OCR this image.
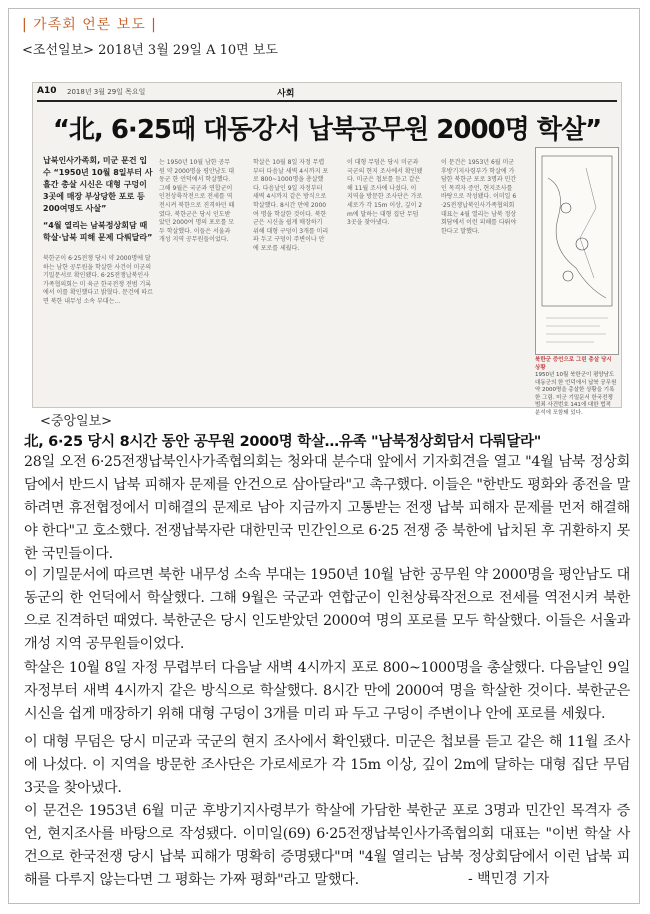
| 가족회 언론 보도 |
<조선일보> 2018년 3월 29일 A 10면 보도
A10 2018년 3월 29일 목요일	사회
“北, 6·25때 대동강서 납북공무원 2000명 학살”

납북인사가족회, 미군 문건 입수 “1950년 10월 8일부터 사흘간 총살 시신은 대형 구덩이 3곳에 매장 부상당한 포로 등 200여명도 사살”

“4월 열리는 남북정상회담 때 학살·납북 피해 문제 다뤄달라”

북한군이 6·25전쟁 당시 약 2000명에 달하는 남한 공무원을 학살한 사건이 미군의 기밀문서로 확인됐다. 6·25전쟁납북인사가족협의회는 미 육군 한국전쟁 전범 기록에서 이를 확인했다고 밝혔다. 문건에 따르면 북한 내무성 소속 부대는...

는 1950년 10월 남한 공무원 약 2000명을 평안남도 대동군 한 언덕에서 학살했다. 그해 9월은 국군과 연합군이 인천상륙작전으로 전세를 역전시켜 북한으로 진격하던 때였다. 북한군은 당시 인도받았던 2000여 명의 포로를 모두 학살했다. 이들은 서울과 개성 지역 공무원들이었다.

학살은 10월 8일 자정 무렵부터 다음날 새벽 4시까지 포로 800~1000명을 총살했다. 다음날인 9일 자정부터 새벽 4시까지 같은 방식으로 학살했다. 8시간 만에 2000여 명을 학살한 것이다. 북한군은 시신을 쉽게 매장하기 위해 대형 구덩이 3개를 미리 파 두고 구덩이 주변이나 안에 포로를 세웠다.

이 대형 무덤은 당시 미군과 국군의 현지 조사에서 확인됐다. 미군은 첩보를 듣고 같은 해 11월 조사에 나섰다. 이 지역을 방문한 조사단은 가로세로가 각 15m 이상, 깊이 2m에 달하는 대형 집단 무덤 3곳을 찾아냈다.

이 문건은 1953년 6월 미군 후방기지사령부가 학살에 가담한 북한군 포로 3명과 민간인 목격자 증언, 현지조사를 바탕으로 작성됐다. 이미일 6·25전쟁납북인사가족협의회 대표는 4월 열리는 남북 정상회담에서 이런 피해를 다뤄야 한다고 말했다.

북한군 증언으로 그린 총살 당시 상황
1950년 10월 북한군이 평양남도 대동군의 한 언덕에서 납북 공무원 약 2000명을 총살한 상황을 기록한 그림. 미군 기밀문서 한국전쟁 범죄 사건번호 141에 대한 법적 분석에 포함돼 있다.
<중앙일보>
北, 6·25 당시 8시간 동안 공무원 2000명 학살…유족 "남북정상회담서 다뤄달라"

28일 오전 6·25전쟁납북인사가족협의회는 청와대 분수대 앞에서 기자회견을 열고 "4월 남북 정상회담에서 반드시 납북 피해자 문제를 안건으로 삼아달라"고 촉구했다. 이들은 "한반도 평화와 종전을 말하려면 휴전협정에서 미해결의 문제로 남아 지금까지 고통받는 전쟁 납북 피해자 문제를 먼저 해결해야 한다"고 호소했다. 전쟁납북자란 대한민국 민간인으로 6·25 전쟁 중 북한에 납치된 후 귀환하지 못한 국민들이다.

이 기밀문서에 따르면 북한 내무성 소속 부대는 1950년 10월 남한 공무원 약 2000명을 평안남도 대동군의 한 언덕에서 학살했다. 그해 9월은 국군과 연합군이 인천상륙작전으로 전세를 역전시켜 북한으로 진격하던 때였다. 북한군은 당시 인도받았던 2000여 명의 포로를 모두 학살했다. 이들은 서울과 개성 지역 공무원들이었다.

학살은 10월 8일 자정 무렵부터 다음날 새벽 4시까지 포로 800~1000명을 총살했다. 다음날인 9일 자정부터 새벽 4시까지 같은 방식으로 학살했다. 8시간 만에 2000여 명을 학살한 것이다. 북한군은 시신을 쉽게 매장하기 위해 대형 구덩이 3개를 미리 파 두고 구덩이 주변이나 안에 포로를 세웠다.

이 대형 무덤은 당시 미군과 국군의 현지 조사에서 확인됐다. 미군은 첩보를 듣고 같은 해 11월 조사에 나섰다. 이 지역을 방문한 조사단은 가로세로가 각 15m 이상, 깊이 2m에 달하는 대형 집단 무덤 3곳을 찾아냈다.

이 문건은 1953년 6월 미군 후방기지사령부가 학살에 가담한 북한군 포로 3명과 민간인 목격자 증언, 현지조사를 바탕으로 작성됐다. 이미일(69) 6·25전쟁납북인사가족협의회 대표는 "이번 학살 사건으로 한국전쟁 당시 납북 피해가 명확히 증명됐다"며 "4월 열리는 남북 정상회담에서 이런 납북 피해를 다루지 않는다면 그 평화는 가짜 평화"라고 말했다.	- 백민경 기자
